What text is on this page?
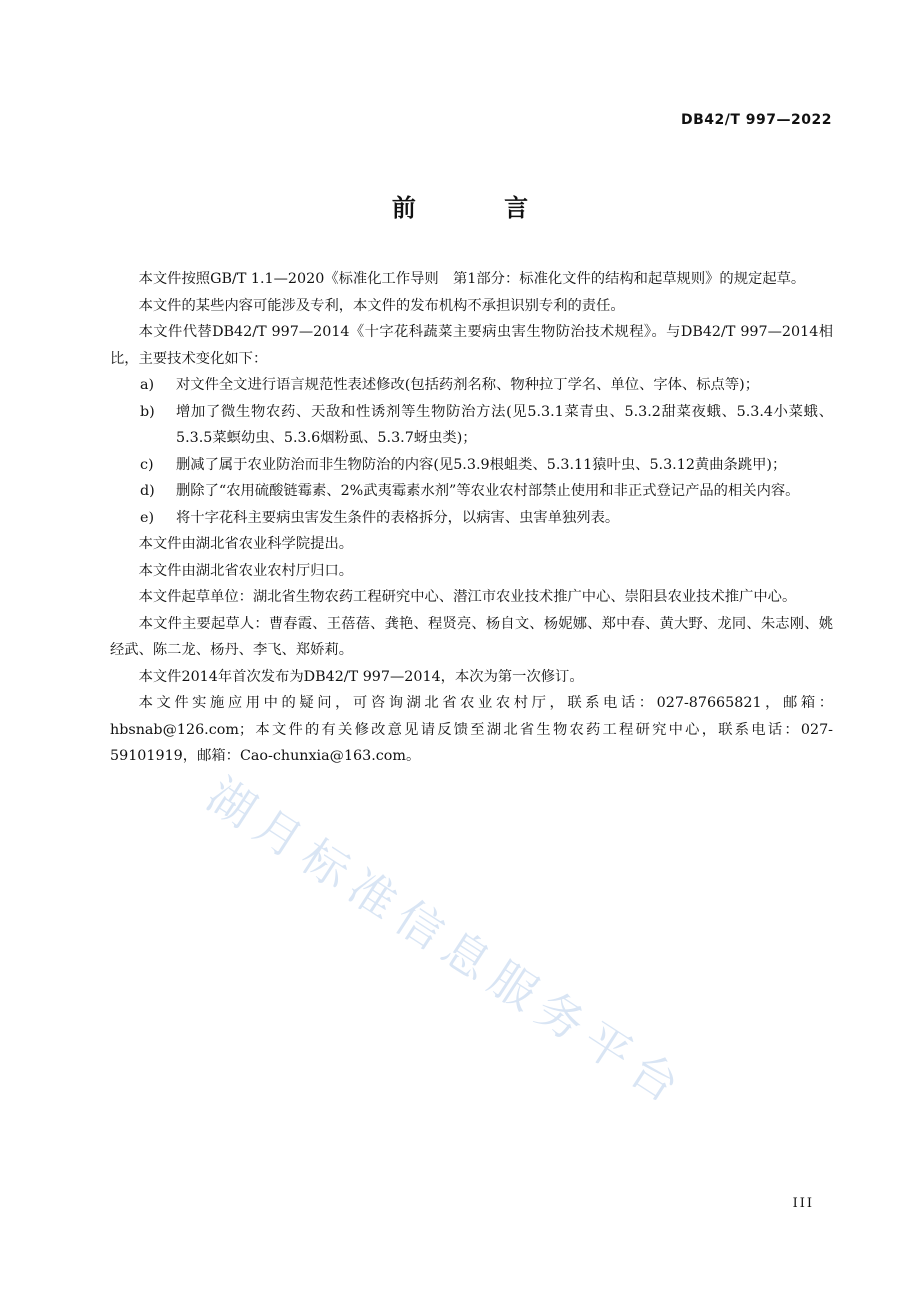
DB42/T 997—2022
前 言

本文件按照GB/T 1.1—2020《标准化工作导则　第1部分：标准化文件的结构和起草规则》的规定起草。

本文件的某些内容可能涉及专利，本文件的发布机构不承担识别专利的责任。

本文件代替DB42/T 997—2014《十字花科蔬菜主要病虫害生物防治技术规程》。与DB42/T 997—2014相比，主要技术变化如下：

a)	对文件全文进行语言规范性表述修改(包括药剂名称、物种拉丁学名、单位、字体、标点等)；
b)	增加了微生物农药、天敌和性诱剂等生物防治方法(见5.3.1菜青虫、5.3.2甜菜夜蛾、5.3.4小菜蛾、5.3.5菜螟幼虫、5.3.6烟粉虱、5.3.7蚜虫类)；
c)	删减了属于农业防治而非生物防治的内容(见5.3.9根蛆类、5.3.11猿叶虫、5.3.12黄曲条跳甲)；
d)	删除了“农用硫酸链霉素、2%武夷霉素水剂”等农业农村部禁止使用和非正式登记产品的相关内容。
e)	将十字花科主要病虫害发生条件的表格拆分，以病害、虫害单独列表。

本文件由湖北省农业科学院提出。

本文件由湖北省农业农村厅归口。

本文件起草单位：湖北省生物农药工程研究中心、潜江市农业技术推广中心、崇阳县农业技术推广中心。

本文件主要起草人：曹春霞、王蓓蓓、龚艳、程贤亮、杨自文、杨妮娜、郑中春、黄大野、龙同、朱志刚、姚经武、陈二龙、杨丹、李飞、郑娇莉。

本文件2014年首次发布为DB42/T 997—2014，本次为第一次修订。

本文件实施应用中的疑问，可咨询湖北省农业农村厅，联系电话：027-87665821，邮箱：hbsnab@126.com；本文件的有关修改意见请反馈至湖北省生物农药工程研究中心，联系电话：027-59101919，邮箱：Cao-chunxia@163.com。

湖月标准信息服务平台
III
